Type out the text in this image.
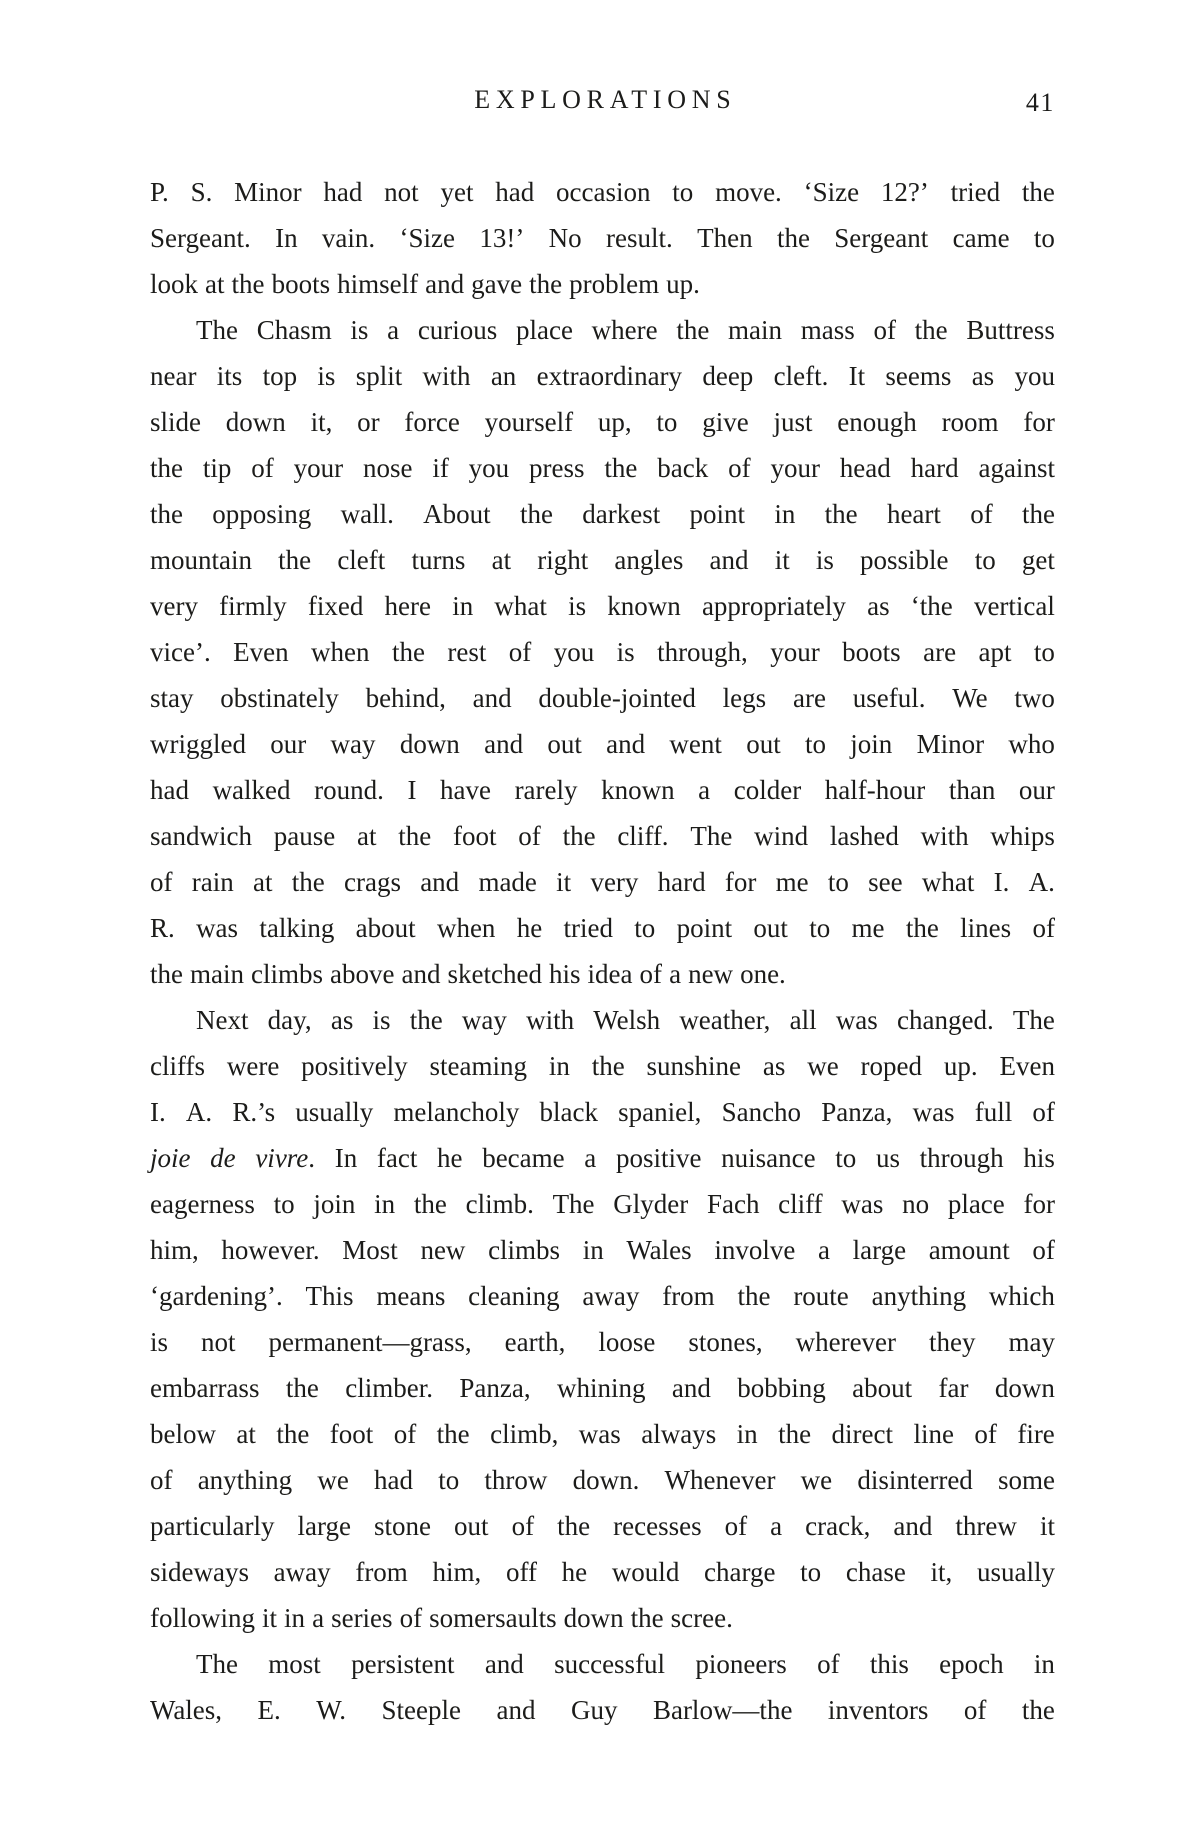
EXPLORATIONS	41
P. S. Minor had not yet had occasion to move. ‘Size 12?’ tried the
Sergeant. In vain. ‘Size 13!’ No result. Then the Sergeant came to
look at the boots himself and gave the problem up.
The Chasm is a curious place where the main mass of the Buttress
near its top is split with an extraordinary deep cleft. It seems as you
slide down it, or force yourself up, to give just enough room for
the tip of your nose if you press the back of your head hard against
the opposing wall. About the darkest point in the heart of the
mountain the cleft turns at right angles and it is possible to get
very firmly fixed here in what is known appropriately as ‘the vertical
vice’. Even when the rest of you is through, your boots are apt to
stay obstinately behind, and double-jointed legs are useful. We two
wriggled our way down and out and went out to join Minor who
had walked round. I have rarely known a colder half-hour than our
sandwich pause at the foot of the cliff. The wind lashed with whips
of rain at the crags and made it very hard for me to see what I. A.
R. was talking about when he tried to point out to me the lines of
the main climbs above and sketched his idea of a new one.
Next day, as is the way with Welsh weather, all was changed. The
cliffs were positively steaming in the sunshine as we roped up. Even
I. A. R.’s usually melancholy black spaniel, Sancho Panza, was full of
joie de vivre. In fact he became a positive nuisance to us through his
eagerness to join in the climb. The Glyder Fach cliff was no place for
him, however. Most new climbs in Wales involve a large amount of
‘gardening’. This means cleaning away from the route anything which
is not permanent—grass, earth, loose stones, wherever they may
embarrass the climber. Panza, whining and bobbing about far down
below at the foot of the climb, was always in the direct line of fire
of anything we had to throw down. Whenever we disinterred some
particularly large stone out of the recesses of a crack, and threw it
sideways away from him, off he would charge to chase it, usually
following it in a series of somersaults down the scree.
The most persistent and successful pioneers of this epoch in
Wales, E. W. Steeple and Guy Barlow—the inventors of the
